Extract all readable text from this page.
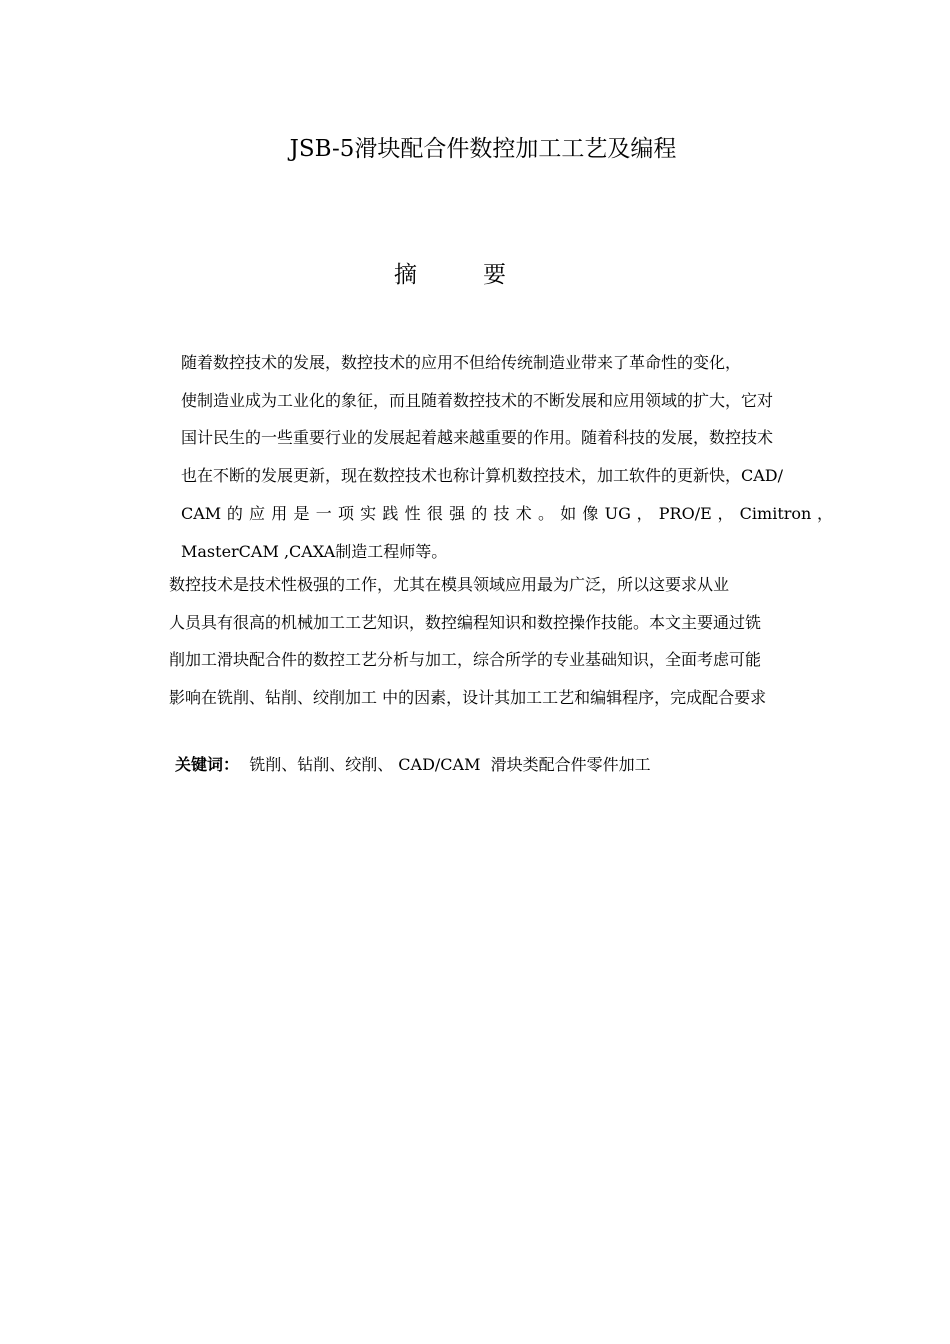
JSB-5滑块配合件数控加工工艺及编程
摘要
随着数控技术的发展，数控技术的应用不但给传统制造业带来了革命性的变化，
使制造业成为工业化的象征，而且随着数控技术的不断发展和应用领域的扩大，它对
国计民生的一些重要行业的发展起着越来越重要的作用。随着科技的发展，数控技术
也在不断的发展更新，现在数控技术也称计算机数控技术，加工软件的更新快，CAD/
CAM 的 应 用 是 一 项 实 践 性 很 强 的 技 术 。 如 像 UG ， PRO/E ， Cimitron ，
MasterCAM ,CAXA制造工程师等。
数控技术是技术性极强的工作，尤其在模具领域应用最为广泛，所以这要求从业
人员具有很高的机械加工工艺知识，数控编程知识和数控操作技能。本文主要通过铣
削加工滑块配合件的数控工艺分析与加工，综合所学的专业基础知识，全面考虑可能
影响在铣削、钻削、绞削加工 中的因素，设计其加工工艺和编辑程序，完成配合要求
关键词：  铣削、钻削、绞削、 CAD/CAM  滑块类配合件零件加工
